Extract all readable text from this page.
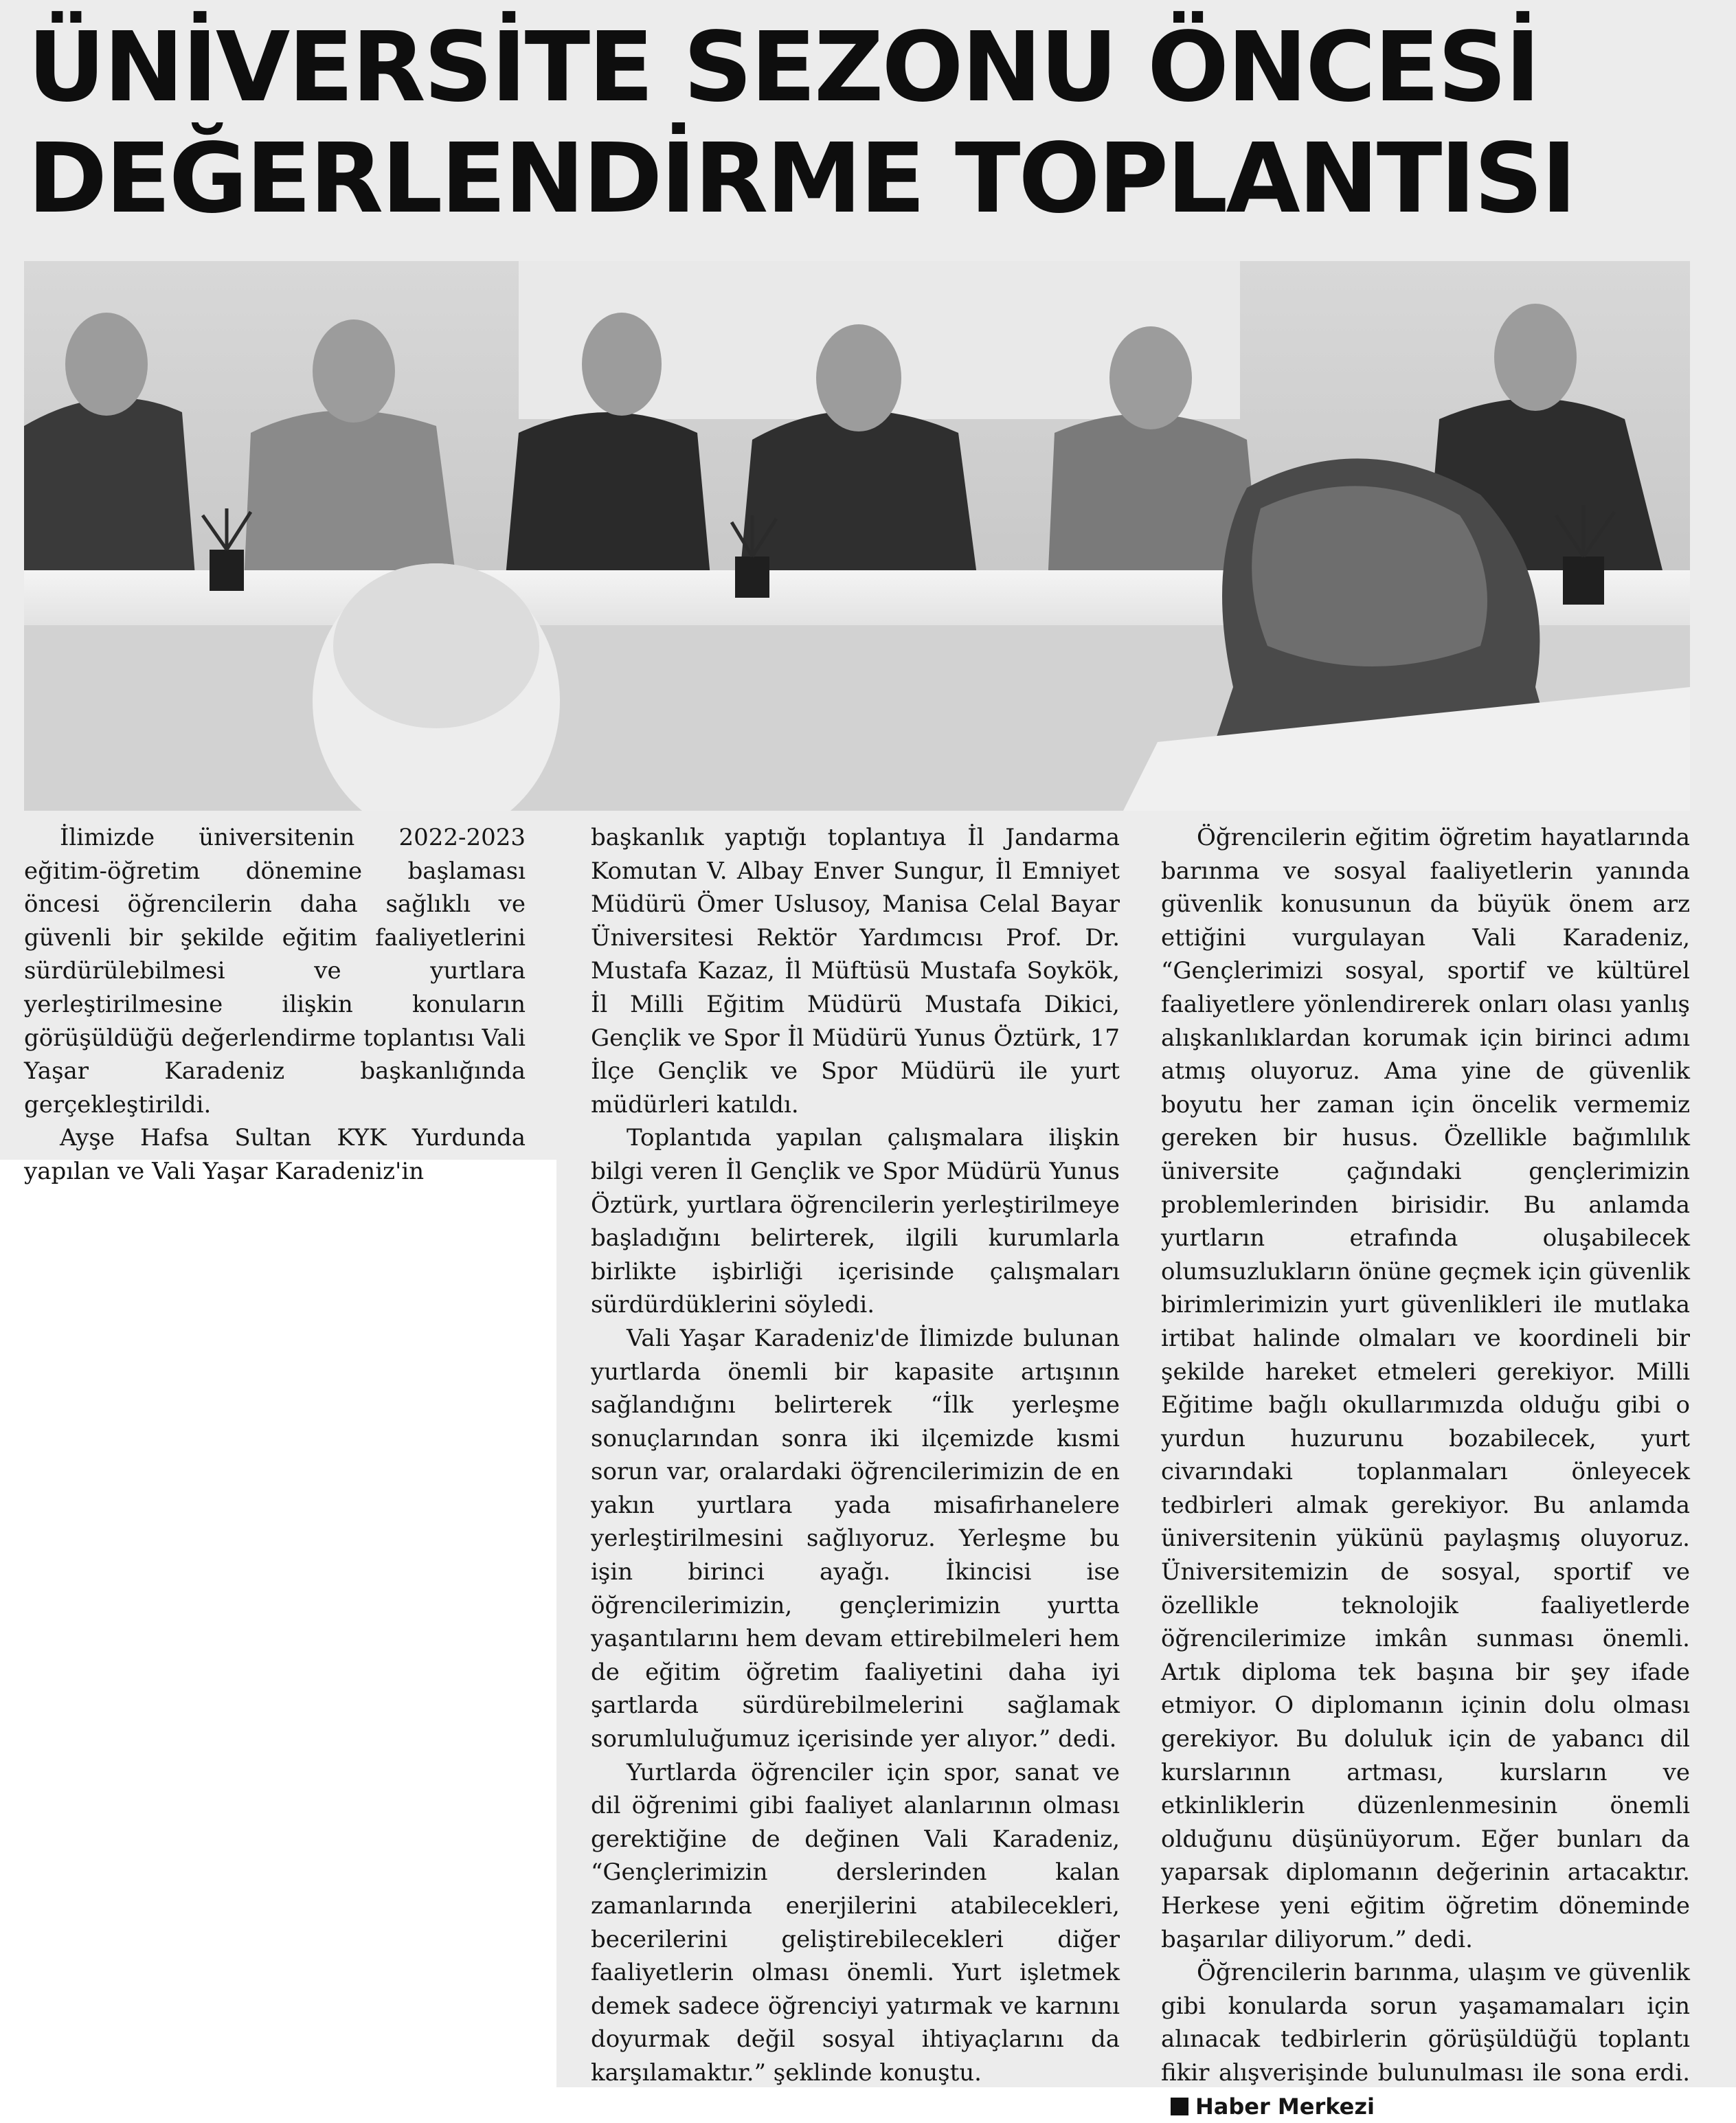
ÜNİVERSİTE SEZONU ÖNCESİ
DEĞERLENDİRME TOPLANTISI

İlimizde üniversitenin 2022-2023 eğitim-öğretim dönemine başlaması öncesi öğrencilerin daha sağlıklı ve güvenli bir şekilde eğitim faaliyetlerini sürdürülebilmesi ve yurtlara yerleştirilmesine ilişkin konuların görüşüldüğü değerlendirme toplantısı Vali Yaşar Karadeniz başkanlığında gerçekleştirildi.

Ayşe Hafsa Sultan KYK Yurdunda yapılan ve Vali Yaşar Karadeniz'in

başkanlık yaptığı toplantıya İl Jandarma Komutan V. Albay Enver Sungur, İl Emniyet Müdürü Ömer Uslusoy, Manisa Celal Bayar Üniversitesi Rektör Yardımcısı Prof. Dr. Mustafa Kazaz, İl Müftüsü Mustafa Soykök, İl Milli Eğitim Müdürü Mustafa Dikici, Gençlik ve Spor İl Müdürü Yunus Öztürk, 17 İlçe Gençlik ve Spor Müdürü ile yurt müdürleri katıldı.

Toplantıda yapılan çalışmalara ilişkin bilgi veren İl Gençlik ve Spor Müdürü Yunus Öztürk, yurtlara öğrencilerin yerleştirilmeye başladığını belirterek, ilgili kurumlarla birlikte işbirliği içerisinde çalışmaları sürdürdüklerini söyledi.

Vali Yaşar Karadeniz'de İlimizde bulunan yurtlarda önemli bir kapasite artışının sağlandığını belirterek “İlk yerleşme sonuçlarından sonra iki ilçemizde kısmi sorun var, oralardaki öğrencilerimizin de en yakın yurtlara yada misafirhanelere yerleştirilmesini sağlıyoruz. Yerleşme bu işin birinci ayağı. İkincisi ise öğrencilerimizin, gençlerimizin yurtta yaşantılarını hem devam ettirebilmeleri hem de eğitim öğretim faaliyetini daha iyi şartlarda sürdürebilmelerini sağlamak sorumluluğumuz içerisinde yer alıyor.” dedi.

Yurtlarda öğrenciler için spor, sanat ve dil öğrenimi gibi faaliyet alanlarının olması gerektiğine de değinen Vali Karadeniz, “Gençlerimizin derslerinden kalan zamanlarında enerjilerini atabilecekleri, becerilerini geliştirebilecekleri diğer faaliyetlerin olması önemli. Yurt işletmek demek sadece öğrenciyi yatırmak ve karnını doyurmak değil sosyal ihtiyaçlarını da karşılamaktır.” şeklinde konuştu.

Öğrencilerin eğitim öğretim hayatlarında barınma ve sosyal faaliyetlerin yanında güvenlik konusunun da büyük önem arz ettiğini vurgulayan Vali Karadeniz, “Gençlerimizi sosyal, sportif ve kültürel faaliyetlere yönlendirerek onları olası yanlış alışkanlıklardan korumak için birinci adımı atmış oluyoruz. Ama yine de güvenlik boyutu her zaman için öncelik vermemiz gereken bir husus. Özellikle bağımlılık üniversite çağındaki gençlerimizin problemlerinden birisidir. Bu anlamda yurtların etrafında oluşabilecek olumsuzlukların önüne geçmek için güvenlik birimlerimizin yurt güvenlikleri ile mutlaka irtibat halinde olmaları ve koordineli bir şekilde hareket etmeleri gerekiyor. Milli Eğitime bağlı okullarımızda olduğu gibi o yurdun huzurunu bozabilecek, yurt civarındaki toplanmaları önleyecek tedbirleri almak gerekiyor. Bu anlamda üniversitenin yükünü paylaşmış oluyoruz. Üniversitemizin de sosyal, sportif ve özellikle teknolojik faaliyetlerde öğrencilerimize imkân sunması önemli. Artık diploma tek başına bir şey ifade etmiyor. O diplomanın içinin dolu olması gerekiyor. Bu doluluk için de yabancı dil kurslarının artması, kursların ve etkinliklerin düzenlenmesinin önemli olduğunu düşünüyorum. Eğer bunları da yaparsak diplomanın değerinin artacaktır. Herkese yeni eğitim öğretim döneminde başarılar diliyorum.” dedi.

Öğrencilerin barınma, ulaşım ve güvenlik gibi konularda sorun yaşamamaları için alınacak tedbirlerin görüşüldüğü toplantı fikir alışverişinde bulunulması ile sona erdi.Haber Merkezi
